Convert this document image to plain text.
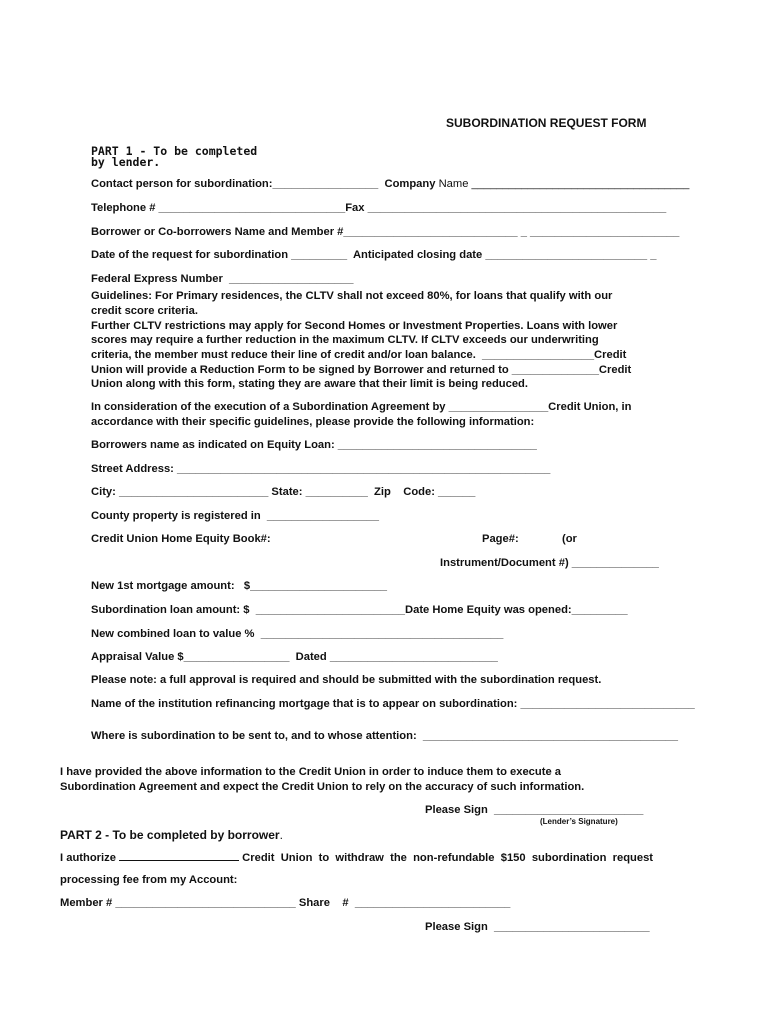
SUBORDINATION REQUEST FORM
PART 1 - To be completed
by lender.
Contact person for subordination:_________________ Company Name ___________________________________
Telephone # ______________________________Fax ________________________________________________
Borrower or Co-borrowers Name and Member #____________________________ _ ________________________
Date of the request for subordination _________  Anticipated closing date __________________________ _
Federal Express Number  ____________________
Guidelines: For Primary residences, the CLTV shall not exceed 80%, for loans that qualify with our
credit score criteria.
Further CLTV restrictions may apply for Second Homes or Investment Properties. Loans with lower
scores may require a further reduction in the maximum CLTV. If CLTV exceeds our underwriting
criteria, the member must reduce their line of credit and/or loan balance.  __________________Credit
Union will provide a Reduction Form to be signed by Borrower and returned to ______________Credit
Union along with this form, stating they are aware that their limit is being reduced.
In consideration of the execution of a Subordination Agreement by ________________Credit Union, in
accordance with their specific guidelines, please provide the following information:
Borrowers name as indicated on Equity Loan: ________________________________
Street Address: ____________________________________________________________
City: ________________________ State: __________  Zip    Code: ______
County property is registered in  __________________
Credit Union Home Equity Book#:	Page#:	(or
Instrument/Document #) ______________
New 1st mortgage amount:   $______________________
Subordination loan amount: $  ________________________Date Home Equity was opened:_________
New combined loan to value %  _______________________________________
Appraisal Value $_________________  Dated ___________________________
Please note: a full approval is required and should be submitted with the subordination request.
Name of the institution refinancing mortgage that is to appear on subordination: ____________________________
Where is subordination to be sent to, and to whose attention:  _________________________________________
I have provided the above information to the Credit Union in order to induce them to execute a
Subordination Agreement and expect the Credit Union to rely on the accuracy of such information.
Please Sign  ________________________
(Lender’s Signature)
PART 2 - To be completed by borrower.
I authorize	Credit  Union  to  withdraw  the  non-refundable  $150  subordination  request
processing fee from my Account:
Member # _____________________________ Share    #  _________________________
Please Sign  _________________________
